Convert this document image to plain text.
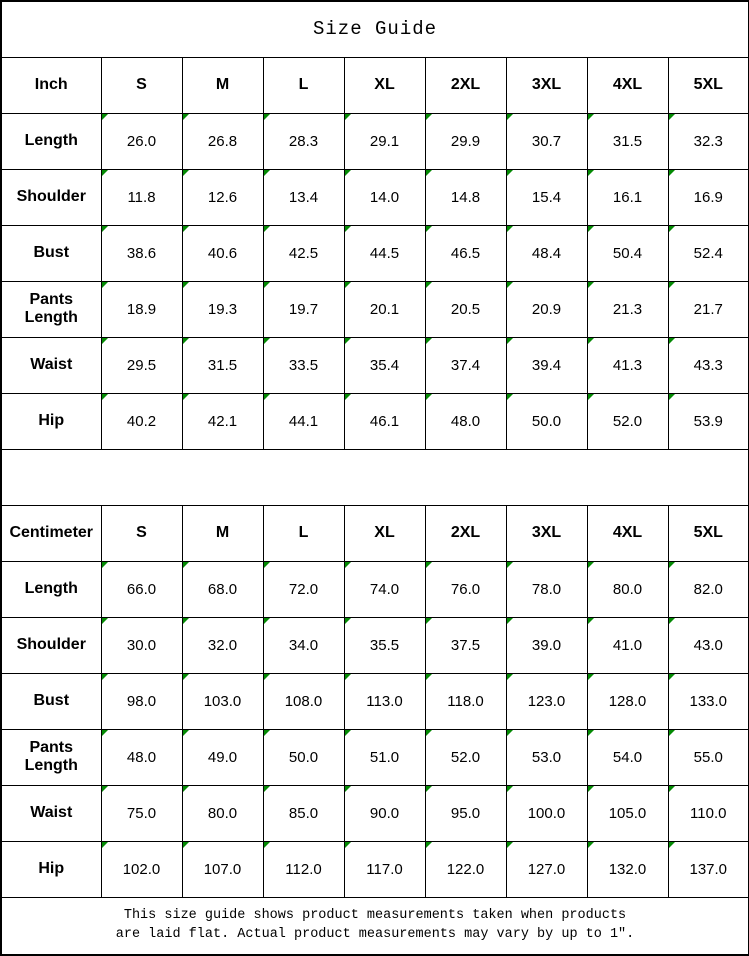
Size Guide								
Inch	S	M	L	XL	2XL	3XL	4XL	5XL
Length	26.0	26.8	28.3	29.1	29.9	30.7	31.5	32.3
Shoulder	11.8	12.6	13.4	14.0	14.8	15.4	16.1	16.9
Bust	38.6	40.6	42.5	44.5	46.5	48.4	50.4	52.4
Pants Length	18.9	19.3	19.7	20.1	20.5	20.9	21.3	21.7
Waist	29.5	31.5	33.5	35.4	37.4	39.4	41.3	43.3
Hip	40.2	42.1	44.1	46.1	48.0	50.0	52.0	53.9

Centimeter	S	M	L	XL	2XL	3XL	4XL	5XL
Length	66.0	68.0	72.0	74.0	76.0	78.0	80.0	82.0
Shoulder	30.0	32.0	34.0	35.5	37.5	39.0	41.0	43.0
Bust	98.0	103.0	108.0	113.0	118.0	123.0	128.0	133.0
Pants Length	48.0	49.0	50.0	51.0	52.0	53.0	54.0	55.0
Waist	75.0	80.0	85.0	90.0	95.0	100.0	105.0	110.0
Hip	102.0	107.0	112.0	117.0	122.0	127.0	132.0	137.0

This size guide shows product measurements taken when products
are laid flat. Actual product measurements may vary by up to 1″.								
